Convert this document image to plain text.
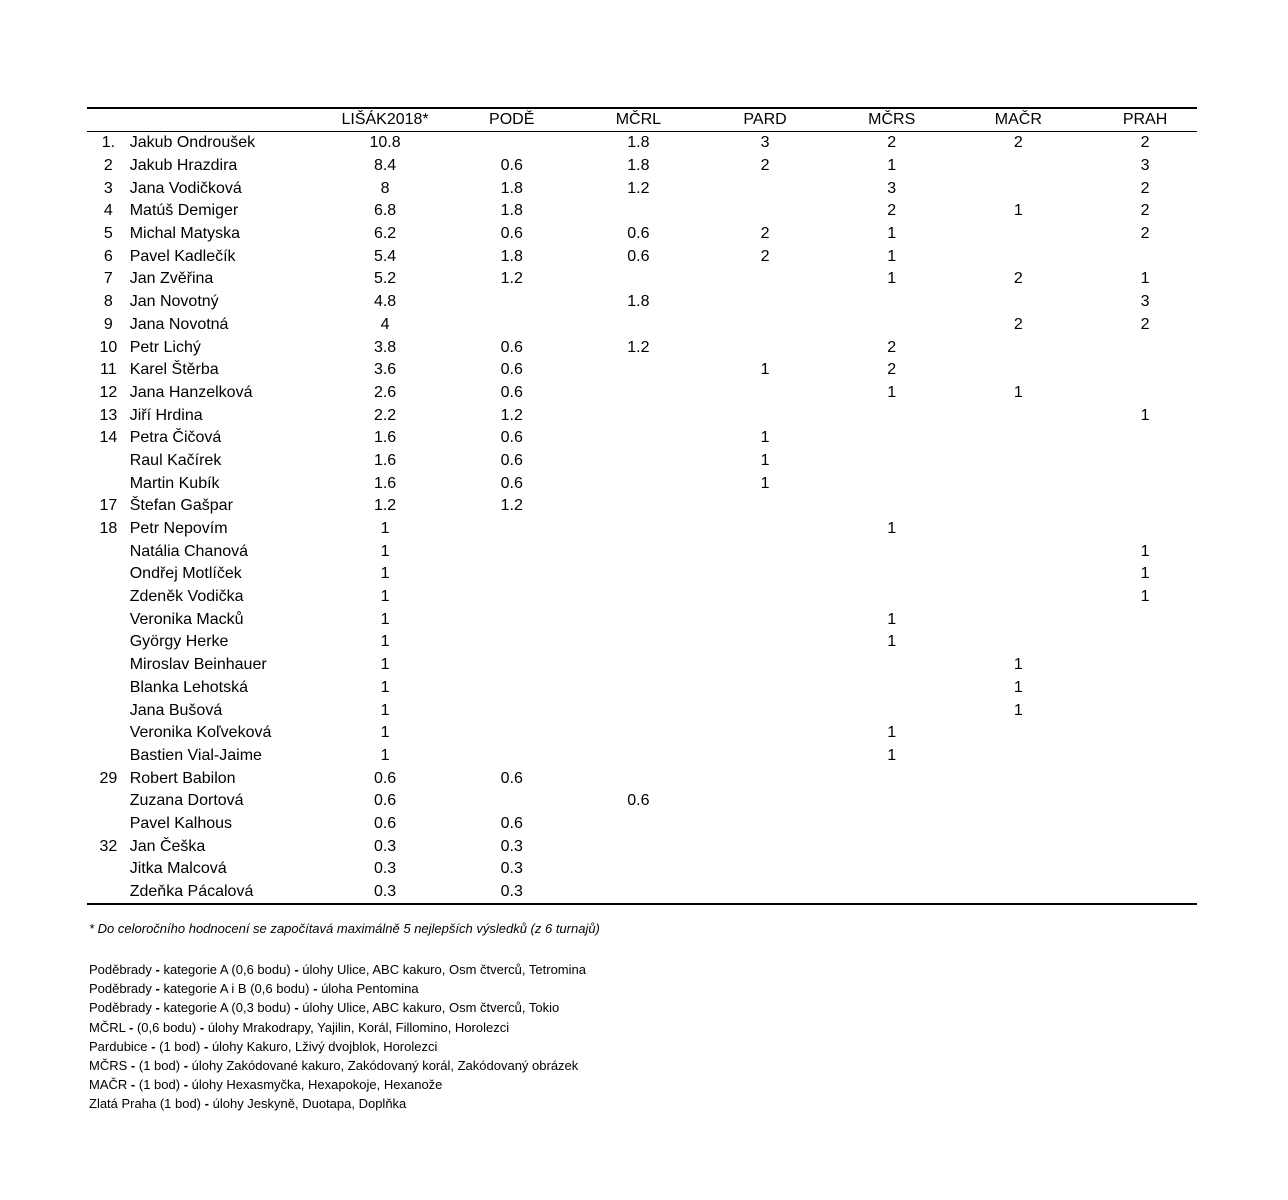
		LIŠÁK2018*	PODĚ	MČRL	PARD	MČRS	MAČR	PRAH
1.	Jakub Ondroušek	10.8		1.8	3	2	2	2
2	Jakub Hrazdira	8.4	0.6	1.8	2	1		3
3	Jana Vodičková	8	1.8	1.2		3		2
4	Matúš Demiger	6.8	1.8			2	1	2
5	Michal Matyska	6.2	0.6	0.6	2	1		2
6	Pavel Kadlečík	5.4	1.8	0.6	2	1		
7	Jan Zvěřina	5.2	1.2			1	2	1
8	Jan Novotný	4.8		1.8				3
9	Jana Novotná	4					2	2
10	Petr Lichý	3.8	0.6	1.2		2		
11	Karel Štěrba	3.6	0.6		1	2		
12	Jana Hanzelková	2.6	0.6			1	1	
13	Jiří Hrdina	2.2	1.2					1
14	Petra Čičová	1.6	0.6		1			
	Raul Kačírek	1.6	0.6		1			
	Martin Kubík	1.6	0.6		1			
17	Štefan Gašpar	1.2	1.2					
18	Petr Nepovím	1				1		
	Natália Chanová	1						1
	Ondřej Motlíček	1						1
	Zdeněk Vodička	1						1
	Veronika Macků	1				1		
	György Herke	1				1		
	Miroslav Beinhauer	1					1	
	Blanka Lehotská	1					1	
	Jana Bušová	1					1	
	Veronika Koľveková	1				1		
	Bastien Vial-Jaime	1				1		
29	Robert Babilon	0.6	0.6					
	Zuzana Dortová	0.6		0.6				
	Pavel Kalhous	0.6	0.6					
32	Jan Češka	0.3	0.3					
	Jitka Malcová	0.3	0.3					
	Zdeňka Pácalová	0.3	0.3					

* Do celoročního hodnocení se započítavá maximálně 5 nejlepších výsledků (z 6 turnajů)

Poděbrady - kategorie A (0,6 bodu) - úlohy Ulice, ABC kakuro, Osm čtverců, Tetromina
Poděbrady - kategorie A i B (0,6 bodu) - úloha Pentomina
Poděbrady - kategorie A (0,3 bodu) - úlohy Ulice, ABC kakuro, Osm čtverců, Tokio
MČRL - (0,6 bodu) - úlohy Mrakodrapy, Yajilin, Korál, Fillomino, Horolezci
Pardubice - (1 bod) - úlohy Kakuro, Lživý dvojblok, Horolezci
MČRS - (1 bod) - úlohy Zakódované kakuro, Zakódovaný korál, Zakódovaný obrázek
MAČR - (1 bod) - úlohy Hexasmyčka, Hexapokoje, Hexanože
Zlatá Praha (1 bod) - úlohy Jeskyně, Duotapa, Doplňka
